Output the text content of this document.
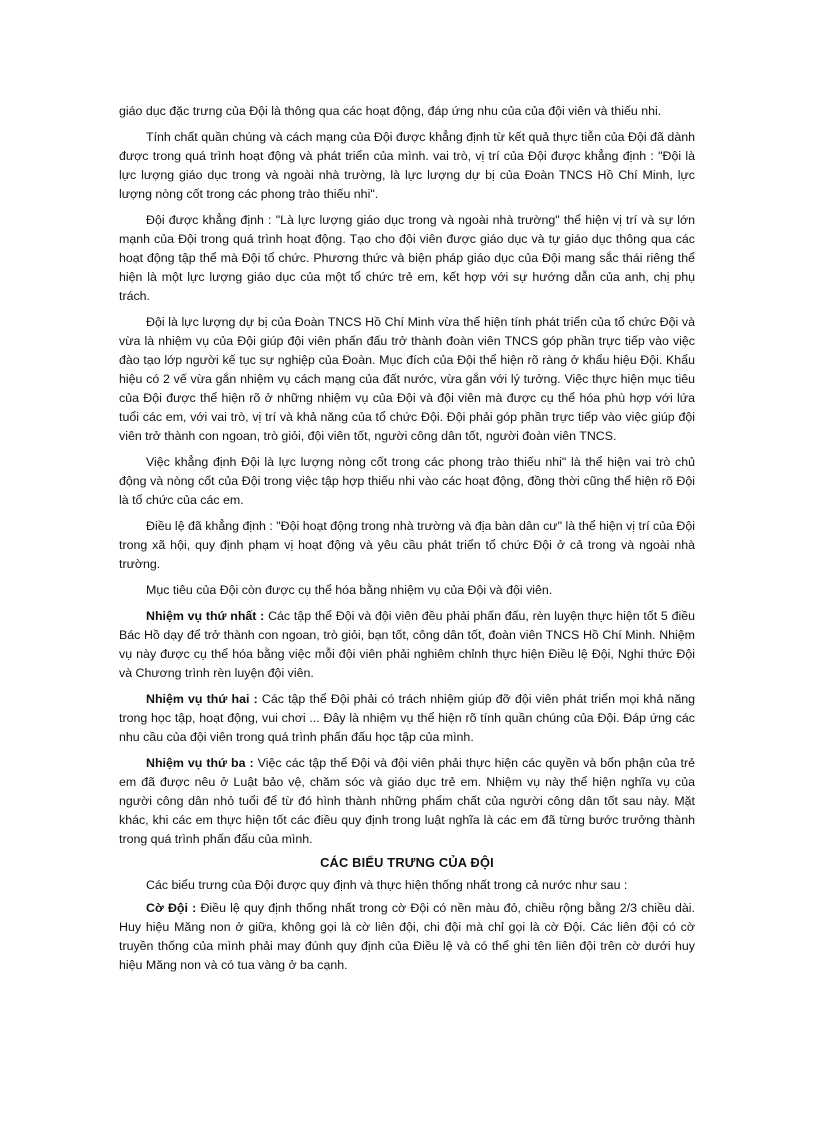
giáo dục đặc trưng của Đội là thông qua các hoạt động, đáp ứng nhu của của đội viên và thiếu nhi.

Tính chất quần chúng và cách mạng của Đội được khẳng định từ kết quả thực tiễn của Đội đã dành được trong quá trình hoạt động và phát triển của mình. vai trò, vị trí của Đội được khẳng định : "Đội là lực lượng giáo dục trong và ngoài nhà trường, là lực lượng dự bị của Đoàn TNCS Hồ Chí Minh, lực lượng nòng cốt trong các phong trào thiếu nhi".

Đội được khẳng định : "Là lực lượng giáo dục trong và ngoài nhà trường" thể hiện vị trí và sự lớn mạnh của Đội trong quá trình hoạt động. Tạo cho đội viên được giáo dục và tự giáo dục thông qua các hoạt động tập thể mà Đội tổ chức. Phương thức và biện pháp giáo dục của Đội mang sắc thái riêng thể hiện là một lực lượng giáo dục của một tổ chức trẻ em, kết hợp với sự hướng dẫn của anh, chị phụ trách.

Đội là lực lượng dự bị của Đoàn TNCS Hồ Chí Minh vừa thể hiện tính phát triển của tổ chức Đội và vừa là nhiệm vụ của Đội giúp đội viên phấn đấu trở thành đoàn viên TNCS góp phần trực tiếp vào việc đào tạo lớp người kế tục sự nghiệp của Đoàn. Mục đích của Đội thể hiện rõ ràng ở khẩu hiệu Đội. Khẩu hiệu có 2 vế vừa gắn nhiệm vụ cách mạng của đất nước, vừa gắn với lý tưởng. Việc thực hiện mục tiêu của Đội được thể hiện rõ ở những nhiệm vụ của Đội và đội viên mà được cụ thể hóa phù hợp với lứa tuổi các em, với vai trò, vị trí và khả năng của tổ chức Đội. Đội phải góp phần trực tiếp vào việc giúp đội viên trở thành con ngoan, trò giỏi, đội viên tốt, người công dân tốt, người đoàn viên TNCS.

Việc khẳng định Đội là lực lượng nòng cốt trong các phong trào thiếu nhi" là thể hiện vai trò chủ động và nòng cốt của Đội trong việc tập hợp thiếu nhi vào các hoạt động, đồng thời cũng thể hiện rõ Đội là tổ chức của các em.

Điều lệ đã khẳng định : "Đội hoạt động trong nhà trường và địa bàn dân cư" là thể hiện vị trí của Đội trong xã hội, quy định phạm vị hoạt động và yêu cầu phát triển tổ chức Đội ở cả trong và ngoài nhà trường.

Mục tiêu của Đội còn được cụ thể hóa bằng nhiệm vụ của Đội và đội viên.

Nhiệm vụ thứ nhất : Các tập thể Đội và đội viên đều phải phấn đấu, rèn luyện thực hiện tốt 5 điều Bác Hồ dạy để trở thành con ngoan, trò giỏi, bạn tốt, công dân tốt, đoàn viên TNCS Hồ Chí Minh. Nhiệm vụ này được cụ thể hóa bằng việc mỗi đội viên phải nghiêm chỉnh thực hiện Điều lệ Đội, Nghi thức Đội và Chương trình rèn luyện đội viên.

Nhiệm vụ thứ hai : Các tập thể Đội phải có trách nhiệm giúp đỡ đội viên phát triển mọi khả năng trong học tập, hoạt động, vui chơi ... Đây là nhiệm vụ thể hiện rõ tính quần chúng của Đội. Đáp ứng các nhu cầu của đội viên trong quá trình phấn đấu học tập của mình.

Nhiệm vụ thứ ba : Việc các tập thể Đội và đội viên phải thực hiện các quyền và bổn phận của trẻ em đã được nêu ở Luật bảo vệ, chăm sóc và giáo dục trẻ em. Nhiệm vụ này thể hiện nghĩa vụ của người công dân nhỏ tuổi để từ đó hình thành những phẩm chất của người công dân tốt sau này. Mặt khác, khi các em thực hiện tốt các điều quy định trong luật nghĩa là các em đã từng bước trưởng thành trong quá trình phấn đấu của mình.

CÁC BIỂU TRƯNG CỦA ĐỘI

Các biểu trưng của Đội được quy định và thực hiện thống nhất trong cả nước như sau :

Cờ Đội : Điều lệ quy định thống nhất trong cờ Đội có nền màu đỏ, chiều rộng bằng 2/3 chiều dài. Huy hiệu Măng non ở giữa, không gọi là cờ liên đội, chi đội mà chỉ gọi là cờ Đội. Các liên đội có cờ truyền thống của mình phải may đúnh quy định của Điều lệ và có thể ghi tên liên đội trên cờ dưới huy hiệu Măng non và có tua vàng ở ba cạnh.
